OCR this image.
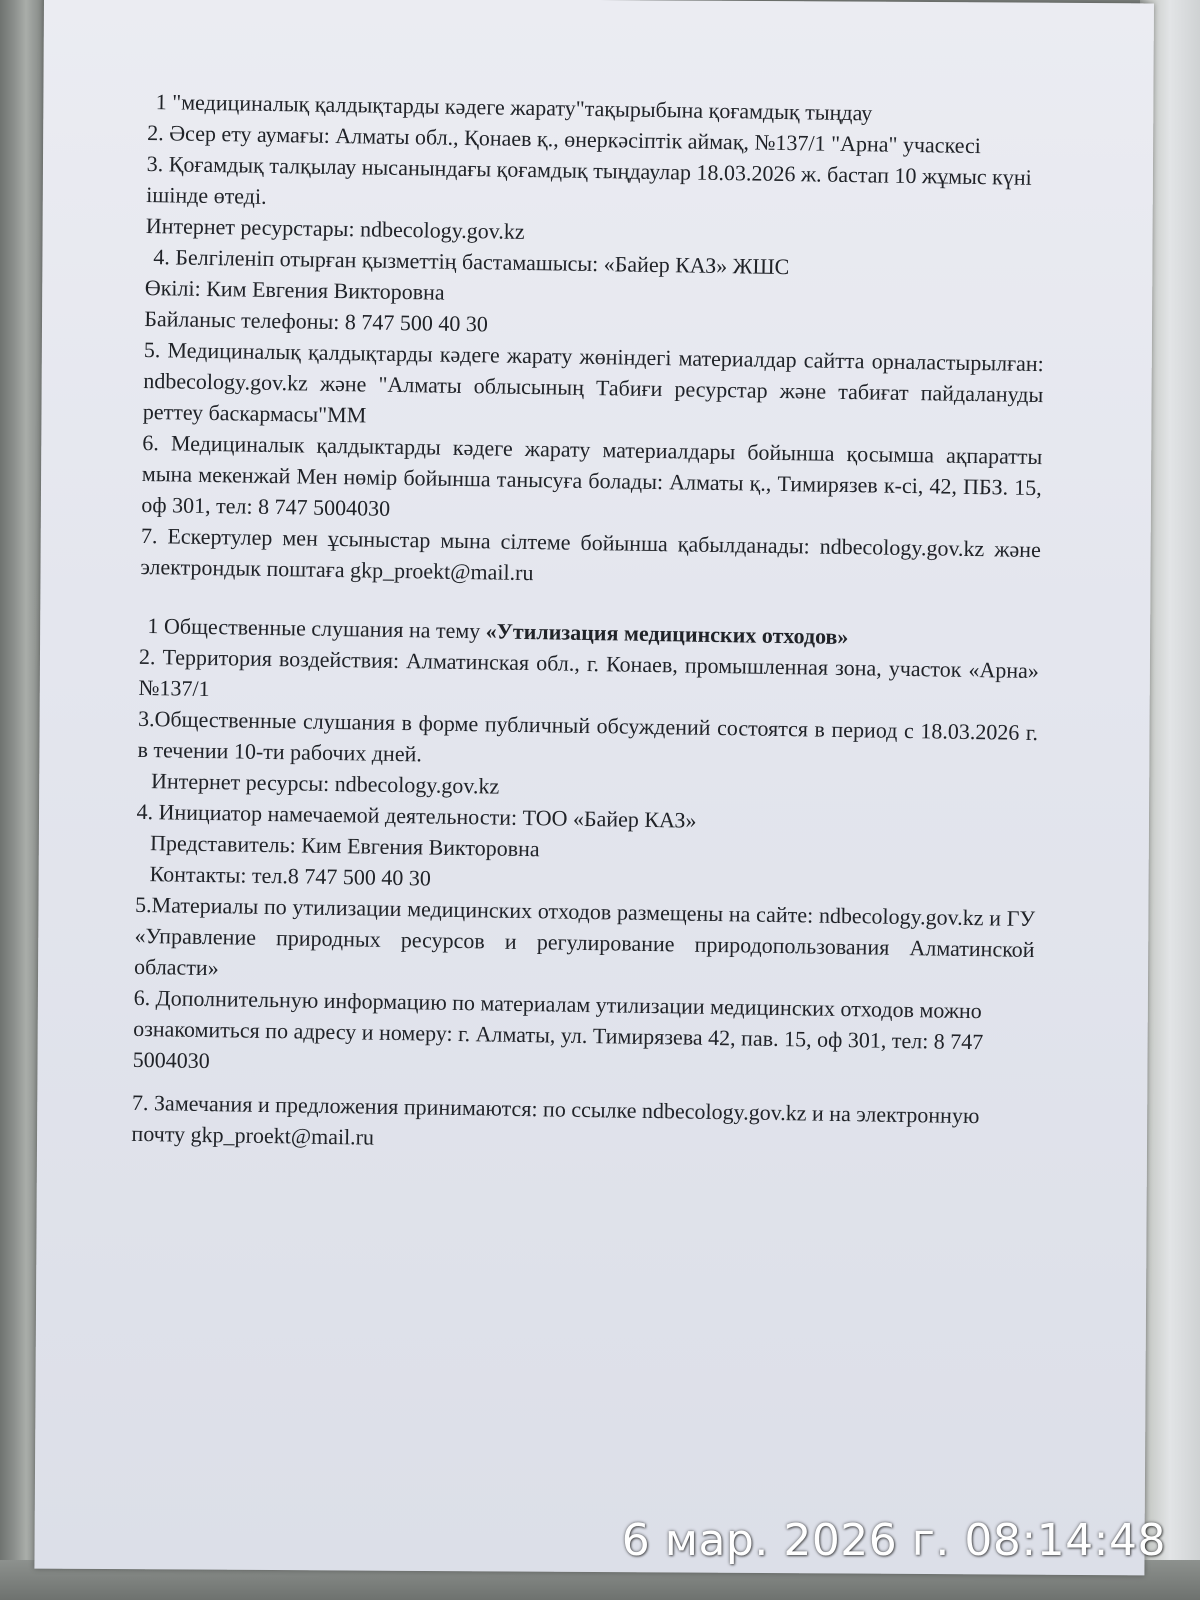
1 "медициналық қалдықтарды кәдеге жарату"тақырыбына қоғамдық тыңдау

2. Әсер ету аумағы: Алматы обл., Қонаев қ., өнеркәсіптік аймақ, №137/1 "Арна" учаскесі

3. Қоғамдық талқылау нысанындағы қоғамдық тыңдаулар 18.03.2026 ж. бастап 10 жұмыс күні ішінде өтеді.

Интернет ресурстары: ndbecology.gov.kz

4. Белгіленіп отырған қызметтің бастамашысы: «Байер КАЗ» ЖШС

Өкілі: Ким Евгения Викторовна

Байланыс телефоны: 8 747 500 40 30

5. Медициналық қалдықтарды кәдеге жарату жөніндегі материалдар сайтта орналастырылған: ndbecology.gov.kz және "Алматы облысының Табиғи ресурстар және табиғат пайдалануды реттеу баскармасы"ММ

6. Медициналык қалдыктарды кәдеге жарату материалдары бойынша қосымша ақпаратты мына мекенжай Мен нөмір бойынша танысуға болады: Алматы қ., Тимирязев к-сі, 42, ПБЗ. 15, оф 301, тел: 8 747 5004030

7. Ескертулер мен ұсыныстар мына сілтеме бойынша қабылданады: ndbecology.gov.kz және электрондык поштаға gkp_proekt@mail.ru

1 Общественные слушания на тему «Утилизация медицинских отходов»

2. Территория воздействия: Алматинская обл., г. Конаев, промышленная зона, участок «Арна» №137/1

3.Общественные слушания в форме публичный обсуждений состоятся в период с 18.03.2026 г. в течении 10-ти рабочих дней.

Интернет ресурсы: ndbecology.gov.kz

4. Инициатор намечаемой деятельности: ТОО «Байер КАЗ»

Представитель: Ким Евгения Викторовна

Контакты: тел.8 747 500 40 30

5.Материалы по утилизации медицинских отходов размещены на сайте: ndbecology.gov.kz и ГУ «Управление природных ресурсов и регулирование природопользования Алматинской области»

6. Дополнительную информацию по материалам утилизации медицинских отходов можно ознакомиться по адресу и номеру: г. Алматы, ул. Тимирязева 42, пав. 15, оф 301, тел: 8 747 5004030

7. Замечания и предложения принимаются: по ссылке ndbecology.gov.kz и на электронную почту gkp_proekt@mail.ru

6 мар. 2026 г. 08:14:48
